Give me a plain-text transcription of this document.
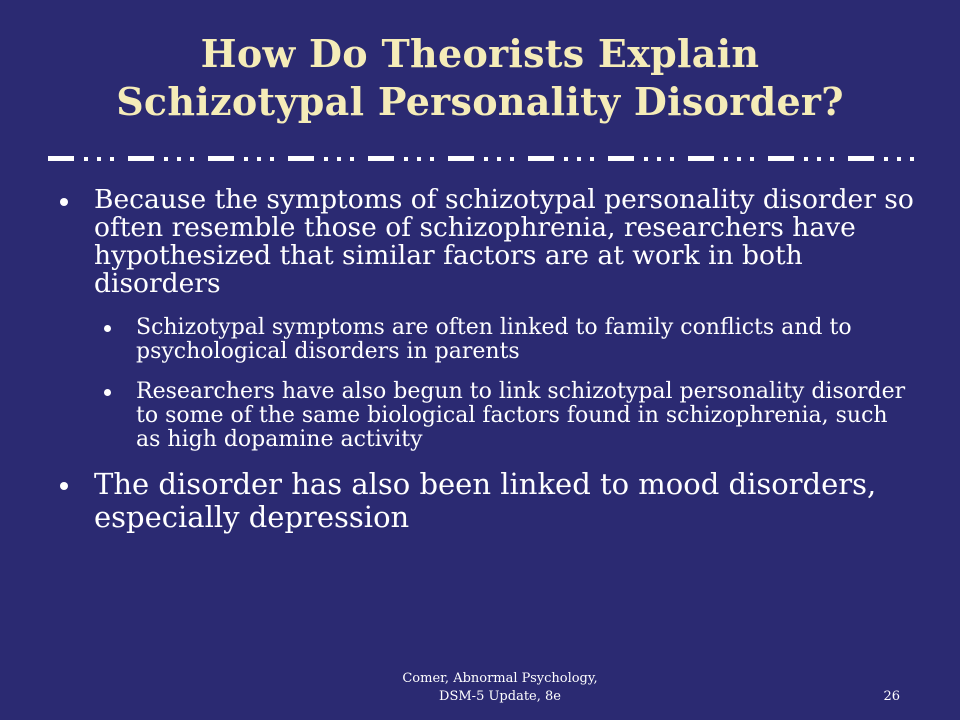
How Do Theorists Explain
Schizotypal Personality Disorder?
Because the symptoms of schizotypal personality disorder so often resemble those of schizophrenia, researchers have hypothesized that similar factors are at work in both disorders
Schizotypal symptoms are often linked to family conflicts and to psychological disorders in parents
Researchers have also begun to link schizotypal personality disorder to some of the same biological factors found in schizophrenia, such as high dopamine activity
The disorder has also been linked to mood disorders, especially depression
Comer, Abnormal Psychology,
DSM-5 Update, 8e	26
